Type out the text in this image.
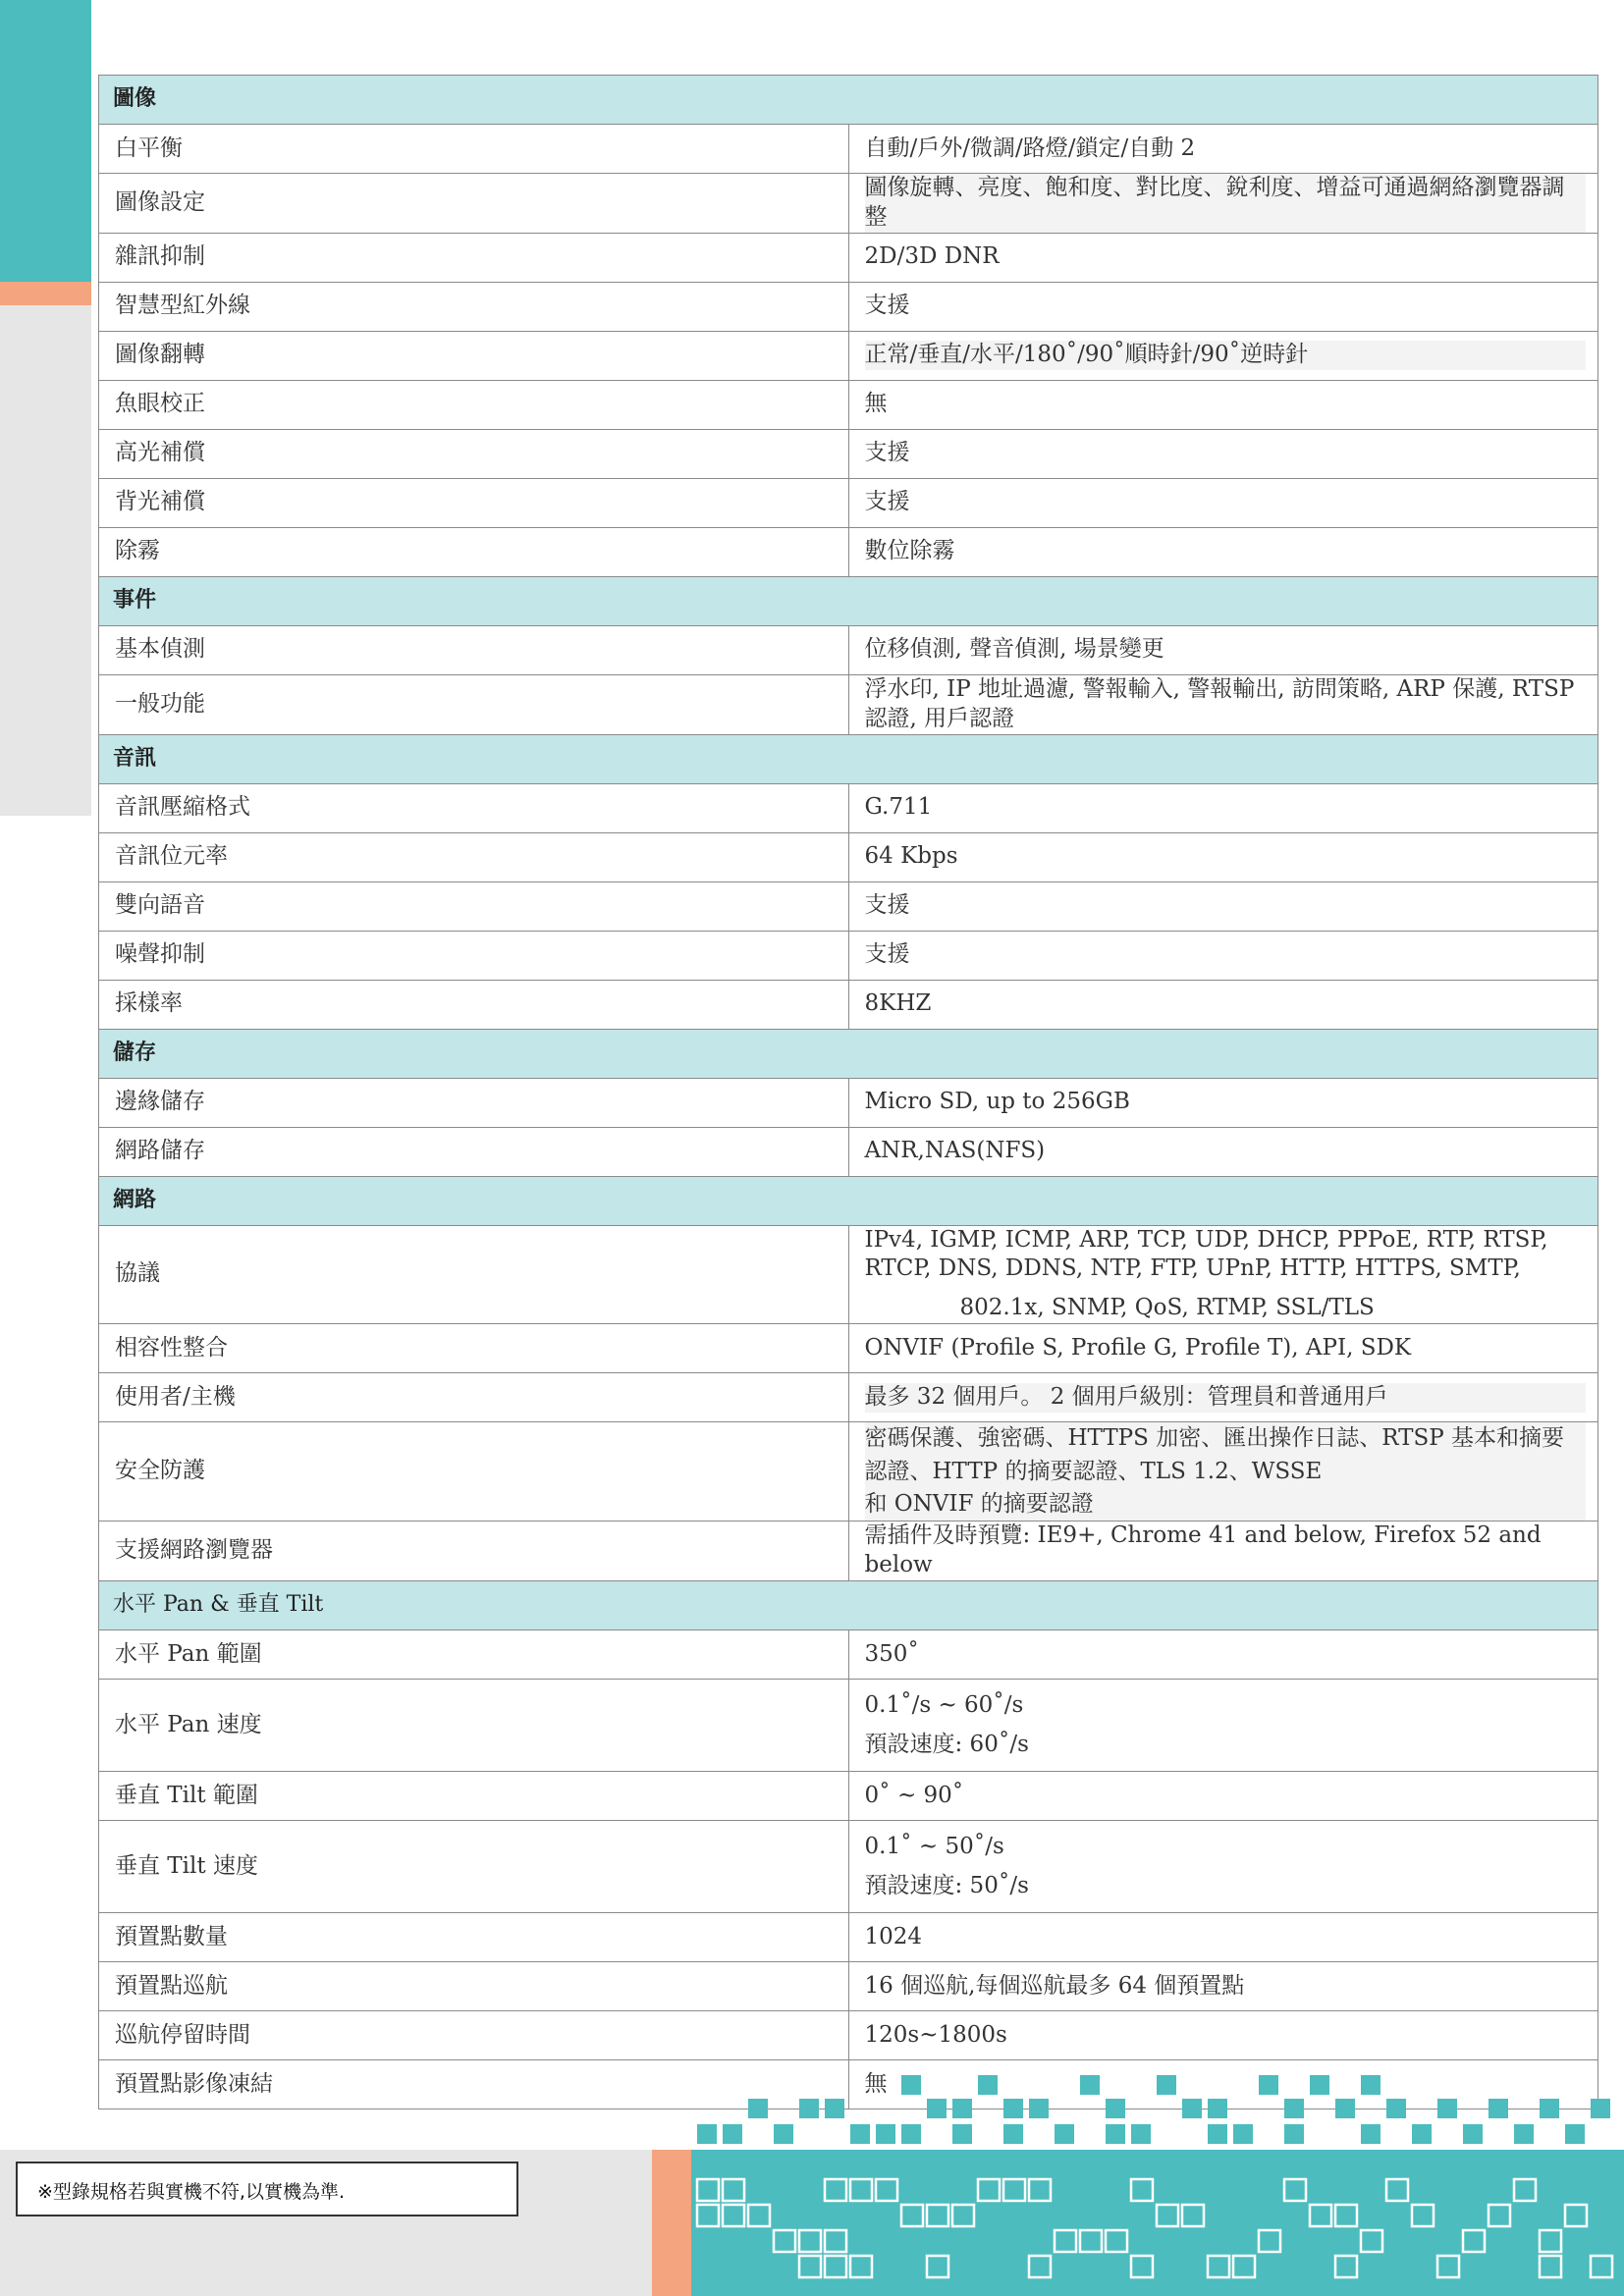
圖像	
白平衡	自動/戶外/微調/路燈/鎖定/自動 2
圖像設定	圖像旋轉、亮度、飽和度、對比度、銳利度、增益可通過網絡瀏覽器調整

雜訊抑制	2D/3D DNR
智慧型紅外線	支援
圖像翻轉	正常/垂直/水平/180˚/90˚順時針/90˚逆時針

魚眼校正	無
高光補償	支援
背光補償	支援
除霧	數位除霧
事件	
基本偵測	位移偵測, 聲音偵測, 場景變更
一般功能	浮水印, IP 地址過濾, 警報輸入, 警報輸出, 訪問策略, ARP 保護, RTSP 認證, 用戶認證
音訊	
音訊壓縮格式	G.711
音訊位元率	64 Kbps
雙向語音	支援
噪聲抑制	支援
採樣率	8KHZ
儲存	
邊緣儲存	Micro SD, up to 256GB
網路儲存	ANR,NAS(NFS)
網路	
協議	IPv4, IGMP, ICMP, ARP, TCP, UDP, DHCP, PPPoE, RTP, RTSP, RTCP, DNS, DDNS, NTP, FTP, UPnP, HTTP, HTTPS, SMTP,
802.1x, SNMP, QoS, RTMP, SSL/TLS

相容性整合	ONVIF (Profile S, Profile G, Profile T), API, SDK
使用者/主機	最多 32 個用戶。 2 個用戶級別：管理員和普通用戶

安全防護	密碼保護、強密碼、HTTPS 加密、匯出操作日誌、RTSP 基本和摘要認證、HTTP 的摘要認證、TLS 1.2、WSSE
和 ONVIF 的摘要認證

支援網路瀏覽器	需插件及時預覽: IE9+, Chrome 41 and below, Firefox 52 and below
水平 Pan & 垂直 Tilt	
水平 Pan 範圍	350˚
水平 Pan 速度	0.1˚/s ~ 60˚/s
預設速度: 60˚/s

垂直 Tilt 範圍	0˚ ~ 90˚
垂直 Tilt 速度	0.1˚ ~ 50˚/s
預設速度: 50˚/s

預置點數量	1024
預置點巡航	16 個巡航,每個巡航最多 64 個預置點
巡航停留時間	120s~1800s
預置點影像凍結	無
※型錄規格若與實機不符,以實機為準.
